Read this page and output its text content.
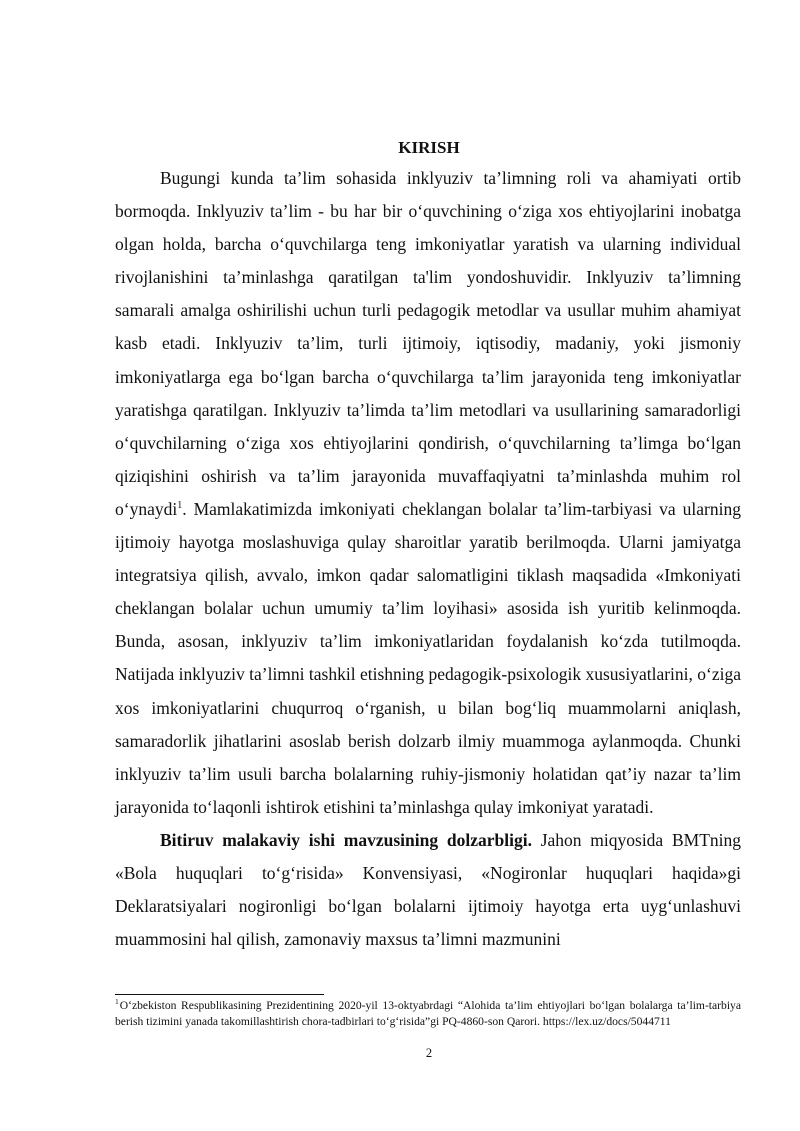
KIRISH

Bugungi kunda ta’lim sohasida inklyuziv ta’limning roli va ahamiyati ortib bormoqda. Inklyuziv ta’lim - bu har bir o‘quvchining o‘ziga xos ehtiyojlarini inobatga olgan holda, barcha o‘quvchilarga teng imkoniyatlar yaratish va ularning individual rivojlanishini ta’minlashga qaratilgan ta'lim yondoshuvidir. Inklyuziv ta’limning samarali amalga oshirilishi uchun turli pedagogik metodlar va usullar muhim ahamiyat kasb etadi. Inklyuziv ta’lim, turli ijtimoiy, iqtisodiy, madaniy, yoki jismoniy imkoniyatlarga ega bo‘lgan barcha o‘quvchilarga ta’lim jarayonida teng imkoniyatlar yaratishga qaratilgan. Inklyuziv ta’limda ta’lim metodlari va usullarining samaradorligi o‘quvchilarning o‘ziga xos ehtiyojlarini qondirish, o‘quvchilarning ta’limga bo‘lgan qiziqishini oshirish va ta’lim jarayonida muvaffaqiyatni ta’minlashda muhim rol o‘ynaydi$^1$. Mamlakatimizda imkoniyati cheklangan bolalar ta’lim-tarbiyasi va ularning ijtimoiy hayotga moslashuviga qulay sharoitlar yaratib berilmoqda. Ularni jamiyatga integratsiya qilish, avvalo, imkon qadar salomatligini tiklash maqsadida «Imkoniyati cheklangan bolalar uchun umumiy ta’lim loyihasi» asosida ish yuritib kelinmoqda. Bunda, asosan, inklyuziv ta’lim imkoniyatlaridan foydalanish ko‘zda tutilmoqda. Natijada inklyuziv ta’limni tashkil etishning pedagogik-psixologik xususiyatlarini, o‘ziga xos imkoniyatlarini chuqurroq o‘rganish, u bilan bog‘liq muammolarni aniqlash, samaradorlik jihatlarini asoslab berish dolzarb ilmiy muammoga aylanmoqda. Chunki inklyuziv ta’lim usuli barcha bolalarning ruhiy-jismoniy holatidan qat’iy nazar ta’lim jarayonida to‘laqonli ishtirok etishini ta’minlashga qulay imkoniyat yaratadi.

Bitiruv malakaviy ishi mavzusining dolzarbligi. Jahon miqyosida BMTning «Bola huquqlari to‘g‘risida» Konvensiyasi, «Nogironlar huquqlari haqida»gi Deklaratsiyalari nogironligi bo‘lgan bolalarni ijtimoiy hayotga erta uyg‘unlashuvi muammosini hal qilish, zamonaviy maxsus ta’limni mazmunini

$^1$O‘zbekiston Respublikasining Prezidentining 2020-yil 13-oktyabrdagi “Alohida ta’lim ehtiyojlari bo‘lgan bolalarga ta’lim-tarbiya berish tizimini yanada takomillashtirish chora-tadbirlari to‘g‘risida”gi PQ-4860-son Qarori. https://lex.uz/docs/5044711
2
